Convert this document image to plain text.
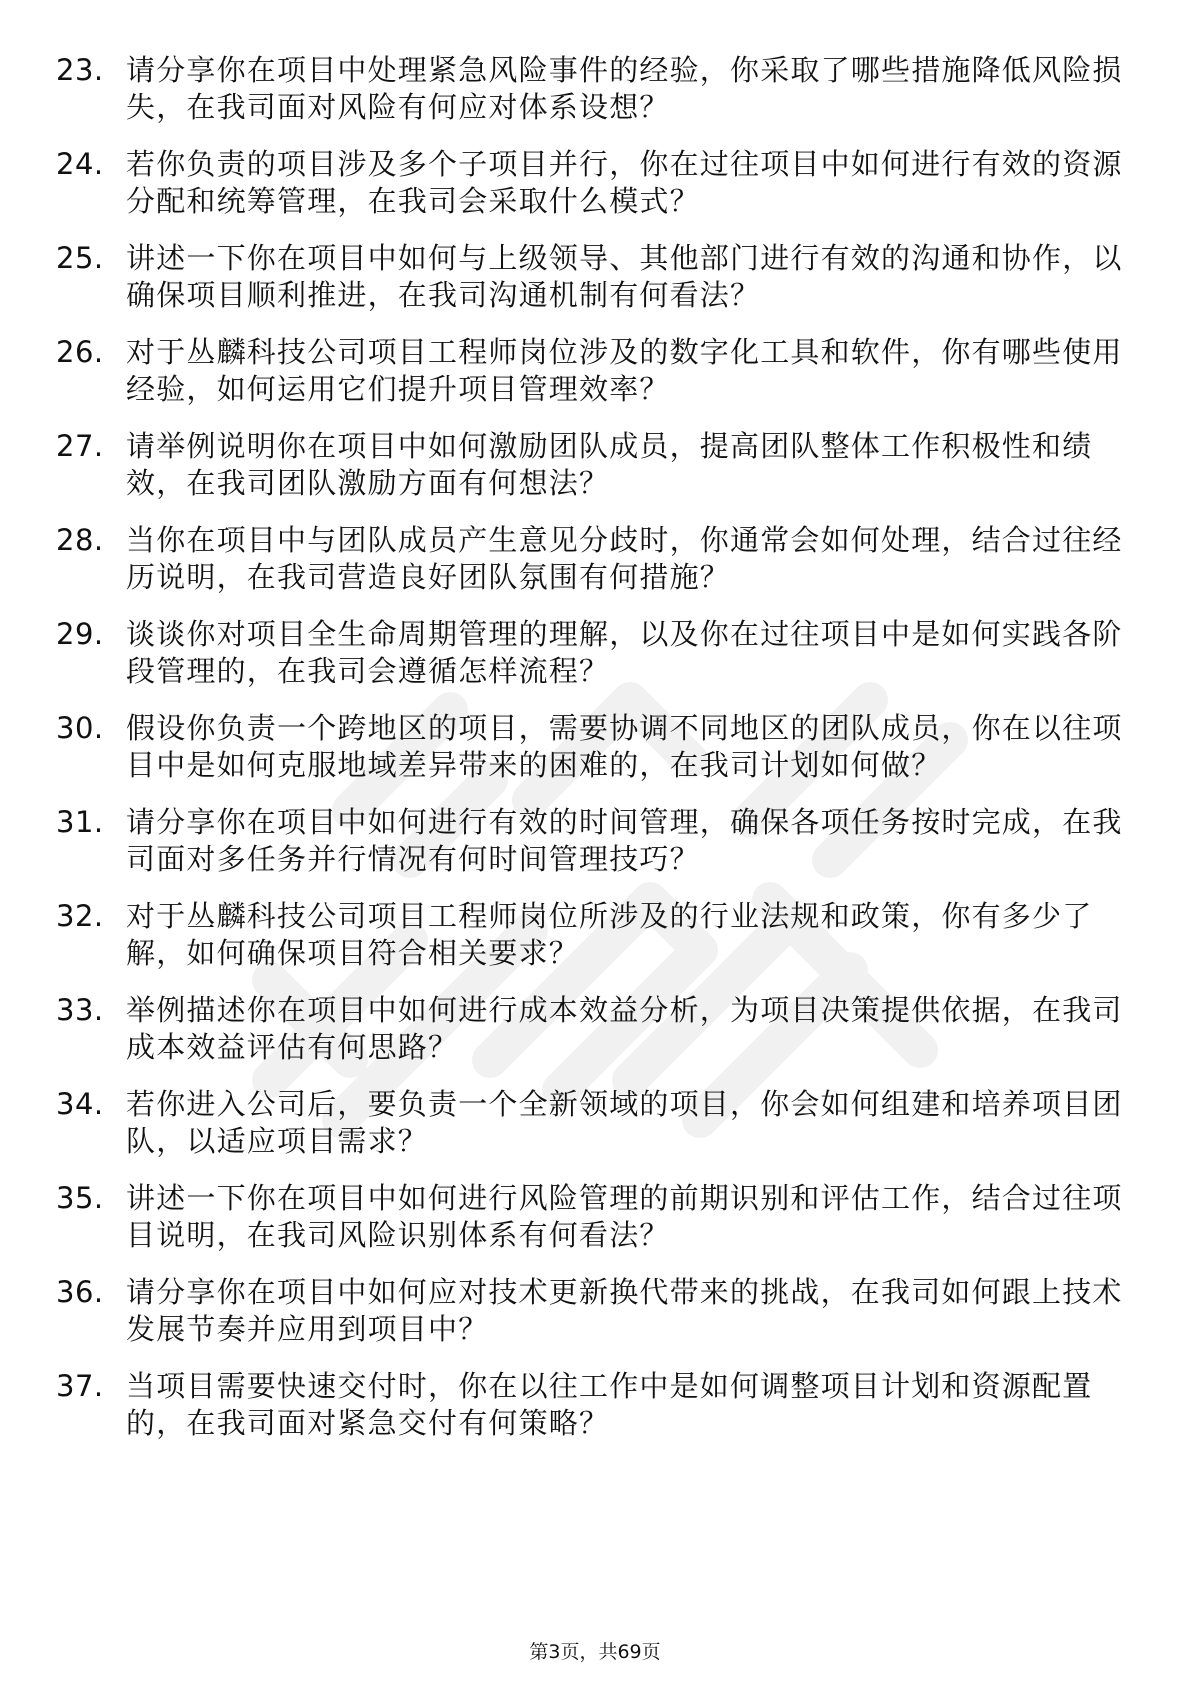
23. 请分享你在项目中处理紧急风险事件的经验，你采取了哪些措施降低风险损失，在我司面对风险有何应对体系设想？
24. 若你负责的项目涉及多个子项目并行，你在过往项目中如何进行有效的资源分配和统筹管理，在我司会采取什么模式？
25. 讲述一下你在项目中如何与上级领导、其他部门进行有效的沟通和协作，以确保项目顺利推进，在我司沟通机制有何看法？
26. 对于丛麟科技公司项目工程师岗位涉及的数字化工具和软件，你有哪些使用经验，如何运用它们提升项目管理效率？
27. 请举例说明你在项目中如何激励团队成员，提高团队整体工作积极性和绩效，在我司团队激励方面有何想法？
28. 当你在项目中与团队成员产生意见分歧时，你通常会如何处理，结合过往经历说明，在我司营造良好团队氛围有何措施？
29. 谈谈你对项目全生命周期管理的理解，以及你在过往项目中是如何实践各阶段管理的，在我司会遵循怎样流程？
30. 假设你负责一个跨地区的项目，需要协调不同地区的团队成员，你在以往项目中是如何克服地域差异带来的困难的，在我司计划如何做？
31. 请分享你在项目中如何进行有效的时间管理，确保各项任务按时完成，在我司面对多任务并行情况有何时间管理技巧？
32. 对于丛麟科技公司项目工程师岗位所涉及的行业法规和政策，你有多少了解，如何确保项目符合相关要求？
33. 举例描述你在项目中如何进行成本效益分析，为项目决策提供依据，在我司成本效益评估有何思路？
34. 若你进入公司后，要负责一个全新领域的项目，你会如何组建和培养项目团队，以适应项目需求？
35. 讲述一下你在项目中如何进行风险管理的前期识别和评估工作，结合过往项目说明，在我司风险识别体系有何看法？
36. 请分享你在项目中如何应对技术更新换代带来的挑战，在我司如何跟上技术发展节奏并应用到项目中？
37. 当项目需要快速交付时，你在以往工作中是如何调整项目计划和资源配置的，在我司面对紧急交付有何策略？
第3页，共69页
